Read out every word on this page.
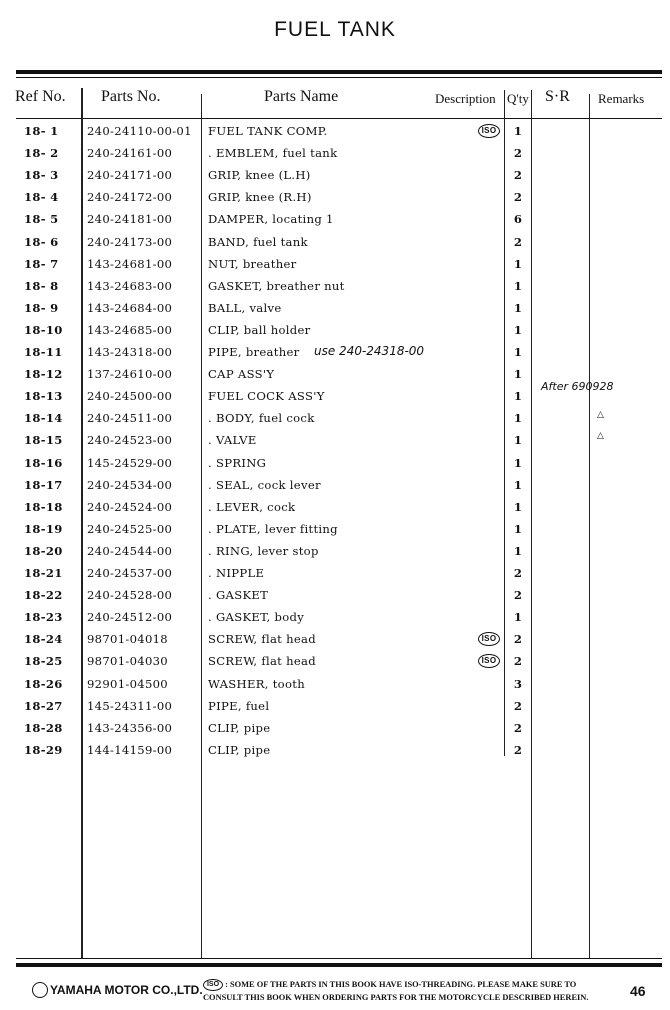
FUEL TANK
Ref No. Parts No.	Parts Name	Description Q'ty S·R Remarks
18- 1 240-24110-00-01 FUEL TANK COMP.	1
ISO
18- 2 240-24161-00	. EMBLEM, fuel tank	2
18- 3 240-24171-00	GRIP, knee (L.H)	2
18- 4 240-24172-00	GRIP, knee (R.H)	2
18- 5 240-24181-00	DAMPER, locating 1	6
18- 6 240-24173-00	BAND, fuel tank	2
18- 7 143-24681-00	NUT, breather	1
18- 8 143-24683-00	GASKET, breather nut	1
18- 9 143-24684-00	BALL, valve	1
18-10 143-24685-00	CLIP, ball holder	1
18-11 143-24318-00	PIPE, breather	1
18-12 137-24610-00	CAP ASS'Y	1
18-13 240-24500-00	FUEL COCK ASS'Y	1
18-14 240-24511-00	. BODY, fuel cock	1
18-15 240-24523-00	. VALVE	1
18-16 145-24529-00	. SPRING	1
18-17 240-24534-00	. SEAL, cock lever	1
18-18 240-24524-00	. LEVER, cock	1
18-19 240-24525-00	. PLATE, lever fitting	1
18-20 240-24544-00	. RING, lever stop	1
18-21 240-24537-00	. NIPPLE	2
18-22 240-24528-00	. GASKET	2
18-23 240-24512-00	. GASKET, body	1
18-24 98701-04018	SCREW, flat head	2
ISO
18-25 98701-04030	SCREW, flat head	2
ISO
18-26 92901-04500	WASHER, tooth	3
18-27 145-24311-00	PIPE, fuel	2
18-28 143-24356-00	CLIP, pipe	2
18-29 144-14159-00	CLIP, pipe	2
use 240-24318-00
After 690928
△
△
YAMAHA MOTOR CO.,LTD. ISO : SOME OF THE PARTS IN THIS BOOK HAVE ISO-THREADING. PLEASE MAKE SURE TO
CONSULT THIS BOOK WHEN ORDERING PARTS FOR THE MOTORCYCLE DESCRIBED HEREIN.	46
